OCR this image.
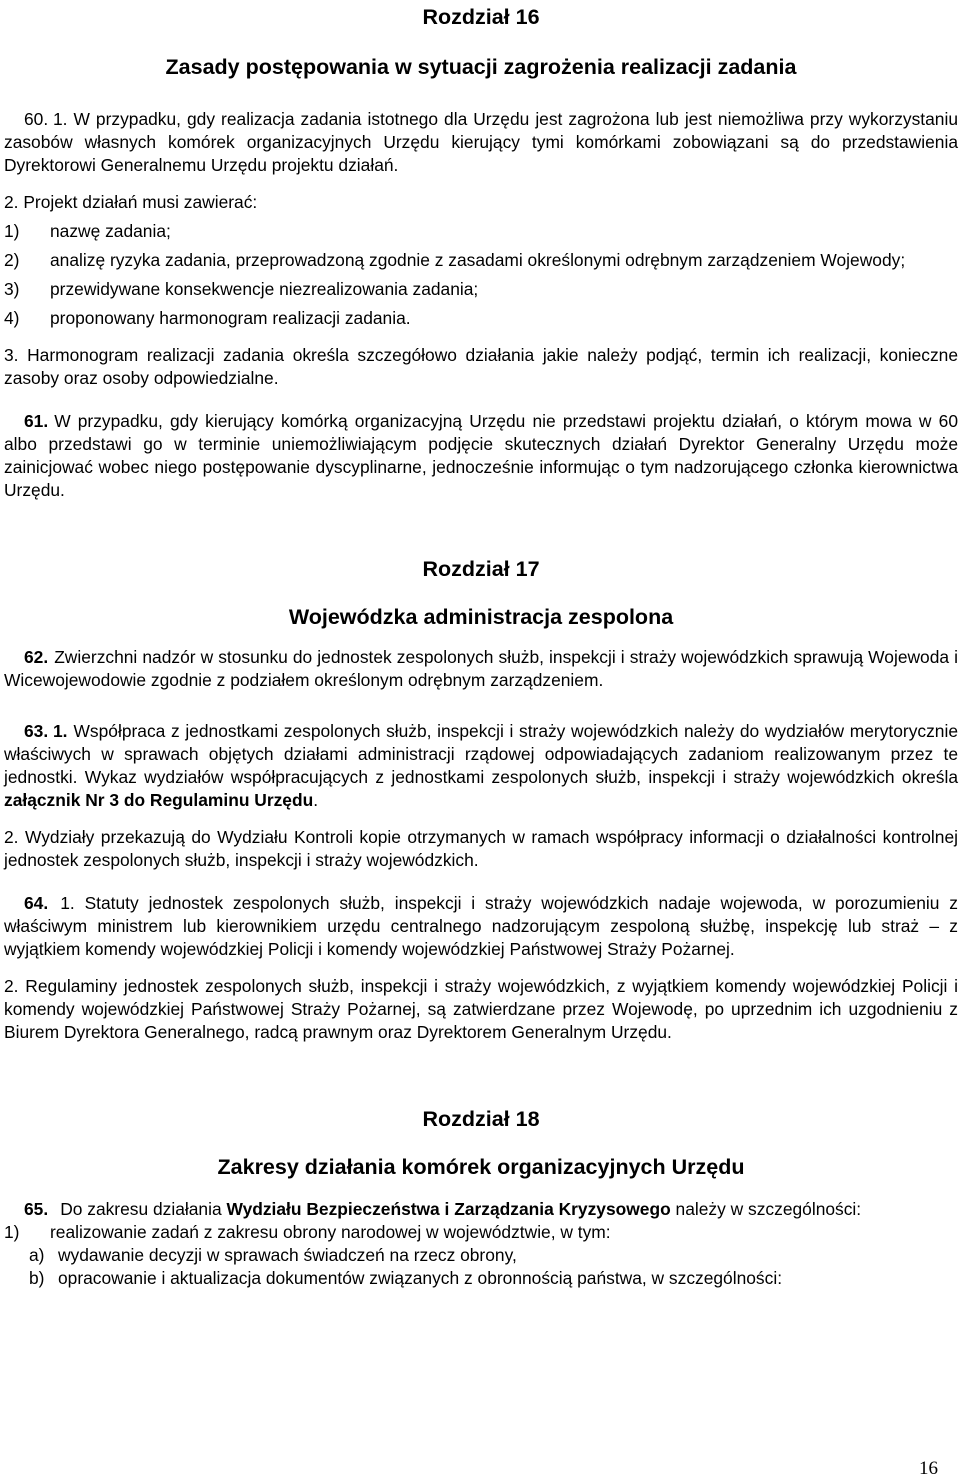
Rozdział 16

Zasady postępowania w sytuacji zagrożenia realizacji zadania

60. 1. W przypadku, gdy realizacja zadania istotnego dla Urzędu jest zagrożona lub jest niemożliwa przy wykorzystaniu zasobów własnych komórek organizacyjnych Urzędu kierujący tymi komórkami zobowiązani są do przedstawienia Dyrektorowi Generalnemu Urzędu projektu działań.

2. Projekt działań musi zawierać:

1) nazwę zadania;
2) analizę ryzyka zadania, przeprowadzoną zgodnie z zasadami określonymi odrębnym zarządzeniem Wojewody;
3) przewidywane konsekwencje niezrealizowania zadania;
4) proponowany harmonogram realizacji zadania.

3. Harmonogram realizacji zadania określa szczegółowo działania jakie należy podjąć, termin ich realizacji, konieczne zasoby oraz osoby odpowiedzialne.

61. W przypadku, gdy kierujący komórką organizacyjną Urzędu nie przedstawi projektu działań, o którym mowa w 60 albo przedstawi go w terminie uniemożliwiającym podjęcie skutecznych działań Dyrektor Generalny Urzędu może zainicjować wobec niego postępowanie dyscyplinarne, jednocześnie informując o tym nadzorującego członka kierownictwa Urzędu.

Rozdział 17

Wojewódzka administracja zespolona

62. Zwierzchni nadzór w stosunku do jednostek zespolonych służb, inspekcji i straży wojewódzkich sprawują Wojewoda i Wicewojewodowie zgodnie z podziałem określonym odrębnym zarządzeniem.

63. 1. Współpraca z jednostkami zespolonych służb, inspekcji i straży wojewódzkich należy do wydziałów merytorycznie właściwych w sprawach objętych działami administracji rządowej odpowiadających zadaniom realizowanym przez te jednostki. Wykaz wydziałów współpracujących z jednostkami zespolonych służb, inspekcji i straży wojewódzkich określa załącznik Nr 3 do Regulaminu Urzędu.

2. Wydziały przekazują do Wydziału Kontroli kopie otrzymanych w ramach współpracy informacji o działalności kontrolnej jednostek zespolonych służb, inspekcji i straży wojewódzkich.

64. 1. Statuty jednostek zespolonych służb, inspekcji i straży wojewódzkich nadaje wojewoda, w porozumieniu z właściwym ministrem lub kierownikiem urzędu centralnego nadzorującym zespoloną służbę, inspekcję lub straż – z wyjątkiem komendy wojewódzkiej Policji i komendy wojewódzkiej Państwowej Straży Pożarnej.

2. Regulaminy jednostek zespolonych służb, inspekcji i straży wojewódzkich, z wyjątkiem komendy wojewódzkiej Policji i komendy wojewódzkiej Państwowej Straży Pożarnej, są zatwierdzane przez Wojewodę, po uprzednim ich uzgodnieniu z Biurem Dyrektora Generalnego, radcą prawnym oraz Dyrektorem Generalnym Urzędu.

Rozdział 18

Zakresy działania komórek organizacyjnych Urzędu

65. Do zakresu działania Wydziału Bezpieczeństwa i Zarządzania Kryzysowego należy w szczególności:

1) realizowanie zadań z zakresu obrony narodowej w województwie, w tym:
a) wydawanie decyzji w sprawach świadczeń na rzecz obrony,
b) opracowanie i aktualizacja dokumentów związanych z obronnością państwa, w szczególności:
16
